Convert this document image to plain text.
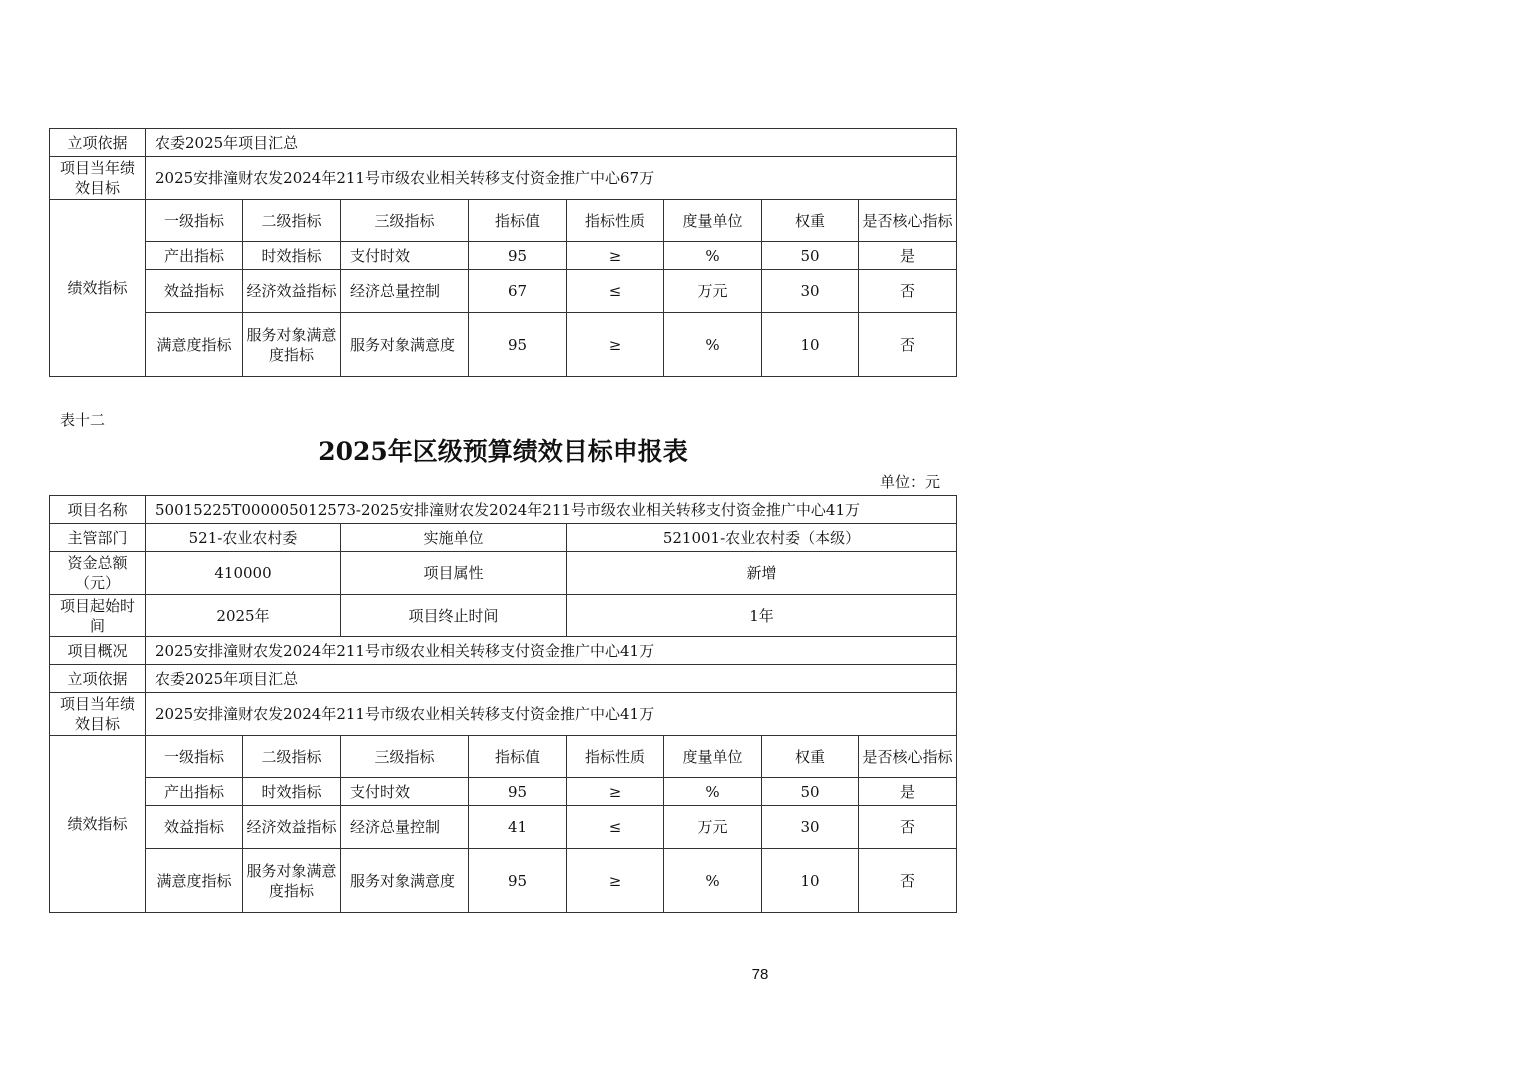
立项依据	农委2025年项目汇总							
项目当年绩效目标	2025安排潼财农发2024年211号市级农业相关转移支付资金推广中心67万							
绩效指标	一级指标	二级指标	三级指标	指标值	指标性质	度量单位	权重	是否核心指标
	产出指标	时效指标	支付时效	95	≥	%	50	是
	效益指标	经济效益指标	经济总量控制	67	≤	万元	30	否
	满意度指标	服务对象满意度指标	服务对象满意度	95	≥	%	10	否
表十二
2025年区级预算绩效目标申报表
单位：元
项目名称	50015225T000005012573-2025安排潼财农发2024年211号市级农业相关转移支付资金推广中心41万							
主管部门	521-农业农村委		实施单位		521001-农业农村委（本级）			
资金总额（元）	410000		项目属性		新增			
项目起始时间	2025年		项目终止时间		1年			
项目概况	2025安排潼财农发2024年211号市级农业相关转移支付资金推广中心41万							
立项依据	农委2025年项目汇总							
项目当年绩效目标	2025安排潼财农发2024年211号市级农业相关转移支付资金推广中心41万							
绩效指标	一级指标	二级指标	三级指标	指标值	指标性质	度量单位	权重	是否核心指标
	产出指标	时效指标	支付时效	95	≥	%	50	是
	效益指标	经济效益指标	经济总量控制	41	≤	万元	30	否
	满意度指标	服务对象满意度指标	服务对象满意度	95	≥	%	10	否
78
